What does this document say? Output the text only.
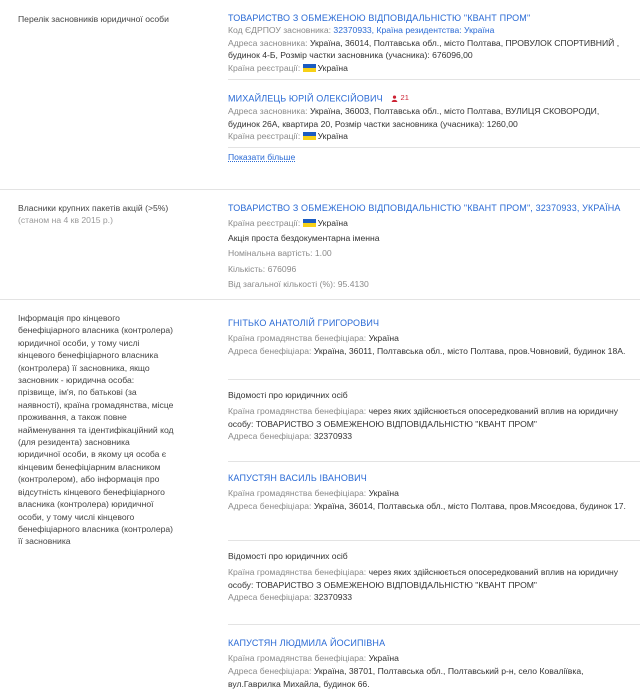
Перелік засновників юридичної особи	ТОВАРИСТВО З ОБМЕЖЕНОЮ ВІДПОВІДАЛЬНІСТЮ "КВАНТ ПРОМ"
Код ЄДРПОУ засновника: 32370933, Країна резидентства: Україна
Адреса засновника: Україна, 36014, Полтавська обл., місто Полтава, ПРОВУЛОК СПОРТИВНИЙ , будинок 4-Б, Розмір частки засновника (учасника): 676096,00
Країна реєстрації: Україна
МИХАЙЛЕЦЬ ЮРІЙ ОЛЕКСІЙОВИЧ 21
Адреса засновника: Україна, 36003, Полтавська обл., місто Полтава, ВУЛИЦЯ СКОВОРОДИ, будинок 26А, квартира 20, Розмір частки засновника (учасника): 1260,00
Країна реєстрації: Україна
Показати більше
Власники крупних пакетів акцій (>5%)
(станом на 4 кв 2015 р.)
ТОВАРИСТВО З ОБМЕЖЕНОЮ ВІДПОВІДАЛЬНІСТЮ "КВАНТ ПРОМ", 32370933, УКРАЇНА
Країна реєстрації: Україна
Акція проста бездокументарна іменна
Номінальна вартість: 1.00
Кількість: 676096
Від загальної кількості (%): 95.4130
Інформація про кінцевого бенефіціарного власника (контролера) юридичної особи, у тому числі кінцевого бенефіціарного власника (контролера) її засновника, якщо засновник - юридична особа: прізвище, ім'я, по батькові (за наявності), країна громадянства, місце проживання, а також повне найменування та ідентифікаційний код (для резидента) засновника юридичної особи, в якому ця особа є кінцевим бенефіціарним власником (контролером), або інформація про відсутність кінцевого бенефіціарного власника (контролера) юридичної особи, у тому числі кінцевого бенефіціарного власника (контролера) її засновника
ГНІТЬКО АНАТОЛІЙ ГРИГОРОВИЧ
Країна громадянства бенефіціара: Україна
Адреса бенефіціара: Україна, 36011, Полтавська обл., місто Полтава, пров.Човновий, будинок 18А.
Відомості про юридичних осіб
Країна громадянства бенефіціара: через яких здійснюється опосередкований вплив на юридичну особу: ТОВАРИСТВО З ОБМЕЖЕНОЮ ВІДПОВІДАЛЬНІСТЮ "КВАНТ ПРОМ"
Адреса бенефіціара: 32370933
КАПУСТЯН ВАСИЛЬ ІВАНОВИЧ
Країна громадянства бенефіціара: Україна
Адреса бенефіціара: Україна, 36014, Полтавська обл., місто Полтава, пров.Мясоєдова, будинок 17.
Відомості про юридичних осіб
Країна громадянства бенефіціара: через яких здійснюється опосередкований вплив на юридичну особу: ТОВАРИСТВО З ОБМЕЖЕНОЮ ВІДПОВІДАЛЬНІСТЮ "КВАНТ ПРОМ"
Адреса бенефіціара: 32370933
КАПУСТЯН ЛЮДМИЛА ЙОСИПІВНА
Країна громадянства бенефіціара: Україна
Адреса бенефіціара: Україна, 38701, Полтавська обл., Полтавський р-н, село Коваліївка, вул.Гаврилка Михайла, будинок 66.
